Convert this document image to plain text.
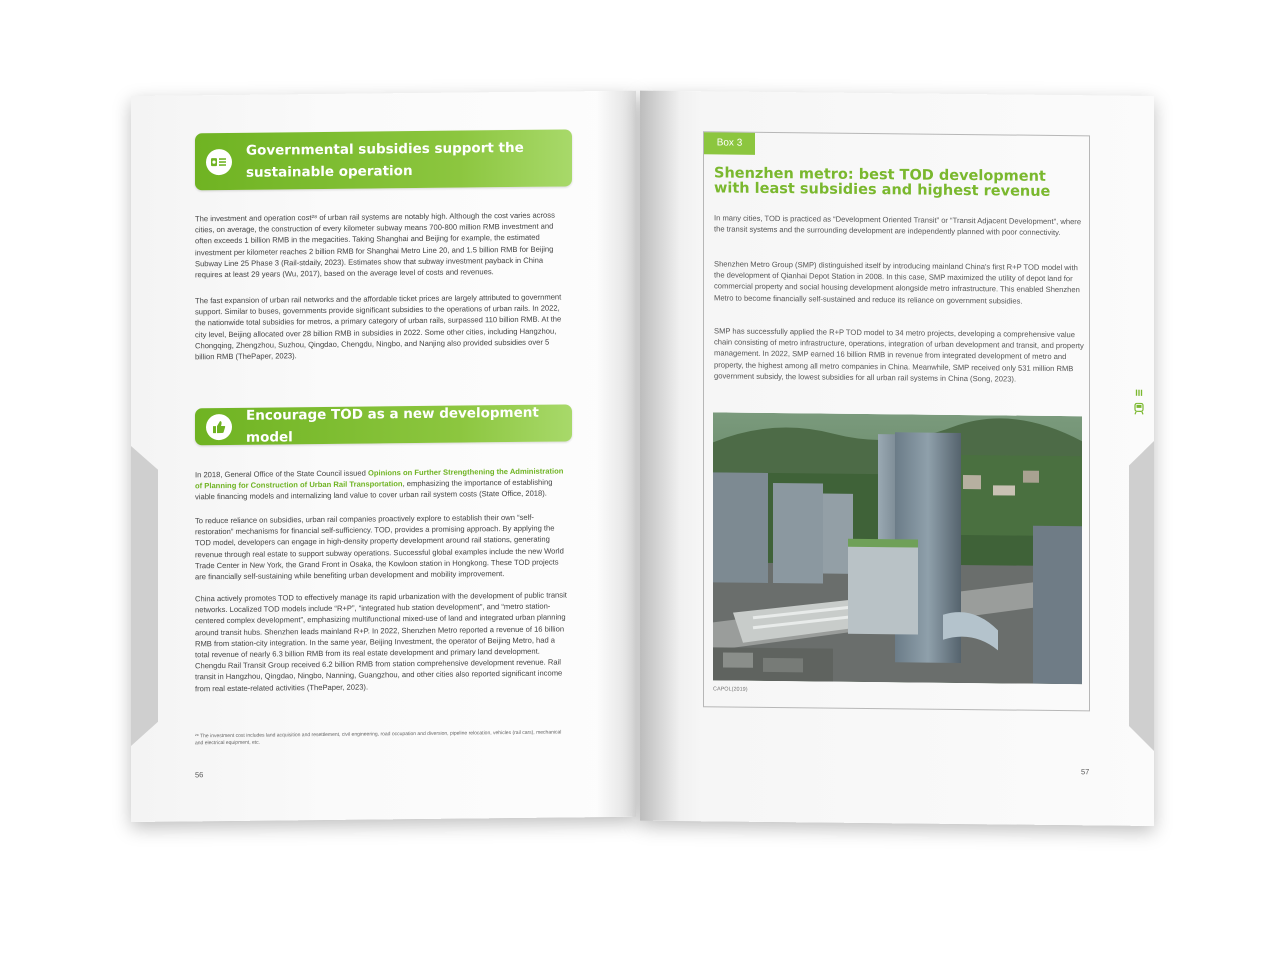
Governmental subsidies support the sustainable operation

The investment and operation cost²⁸ of urban rail systems are notably high. Although the cost varies across cities, on average, the construction of every kilometer subway means 700-800 million RMB investment and often exceeds 1 billion RMB in the megacities. Taking Shanghai and Beijing for example, the estimated investment per kilometer reaches 2 billion RMB for Shanghai Metro Line 20, and 1.5 billion RMB for Beijing Subway Line 25 Phase 3 (Rail-stdaily, 2023). Estimates show that subway investment payback in China requires at least 29 years (Wu, 2017), based on the average level of costs and revenues.

The fast expansion of urban rail networks and the affordable ticket prices are largely attributed to government support. Similar to buses, governments provide significant subsidies to the operations of urban rails. In 2022, the nationwide total subsidies for metros, a primary category of urban rails, surpassed 110 billion RMB. At the city level, Beijing allocated over 28 billion RMB in subsidies in 2022. Some other cities, including Hangzhou, Chongqing, Zhengzhou, Suzhou, Qingdao, Chengdu, Ningbo, and Nanjing also provided subsidies over 5 billion RMB (ThePaper, 2023).

Encourage TOD as a new development model

In 2018, General Office of the State Council issued Opinions on Further Strengthening the Administration of Planning for Construction of Urban Rail Transportation, emphasizing the importance of establishing viable financing models and internalizing land value to cover urban rail system costs (State Office, 2018).

To reduce reliance on subsidies, urban rail companies proactively explore to establish their own “self-restoration” mechanisms for financial self-sufficiency. TOD, provides a promising approach. By applying the TOD model, developers can engage in high-density property development around rail stations, generating revenue through real estate to support subway operations. Successful global examples include the new World Trade Center in New York, the Grand Front in Osaka, the Kowloon station in Hongkong. These TOD projects are financially self-sustaining while benefiting urban development and mobility improvement.

China actively promotes TOD to effectively manage its rapid urbanization with the development of public transit networks. Localized TOD models include “R+P”, “integrated hub station development”, and “metro station-centered complex development”, emphasizing multifunctional mixed-use of land and integrated urban planning around transit hubs. Shenzhen leads mainland R+P. In 2022, Shenzhen Metro reported a revenue of 16 billion RMB from station-city integration. In the same year, Beijing Investment, the operator of Beijing Metro, had a total revenue of nearly 6.3 billion RMB from its real estate development and primary land development. Chengdu Rail Transit Group received 6.2 billion RMB from station comprehensive development revenue. Rail transit in Hangzhou, Qingdao, Ningbo, Nanning, Guangzhou, and other cities also reported significant income from real estate-related activities (ThePaper, 2023).

²⁸ The investment cost includes land acquisition and resettlement, civil engineering, road occupation and diversion, pipeline relocation, vehicles (rail cars), mechanical and electrical equipment, etc.
56
Box 3
Shenzhen metro: best TOD development with least subsidies and highest revenue

In many cities, TOD is practiced as “Development Oriented Transit” or “Transit Adjacent Development”, where the transit systems and the surrounding development are independently planned with poor connectivity.

Shenzhen Metro Group (SMP) distinguished itself by introducing mainland China's first R+P TOD model with the development of Qianhai Depot Station in 2008. In this case, SMP maximized the utility of depot land for commercial property and social housing development alongside metro infrastructure. This enabled Shenzhen Metro to become financially self-sustained and reduce its reliance on government subsidies.

SMP has successfully applied the R+P TOD model to 34 metro projects, developing a comprehensive value chain consisting of metro infrastructure, operations, integration of urban development and transit, and property management. In 2022, SMP earned 16 billion RMB in revenue from integrated development of metro and property, the highest among all metro companies in China. Meanwhile, SMP received only 531 million RMB government subsidy, the lowest subsidies for all urban rail systems in China (Song, 2023).

CAPOL(2019)
III
57
